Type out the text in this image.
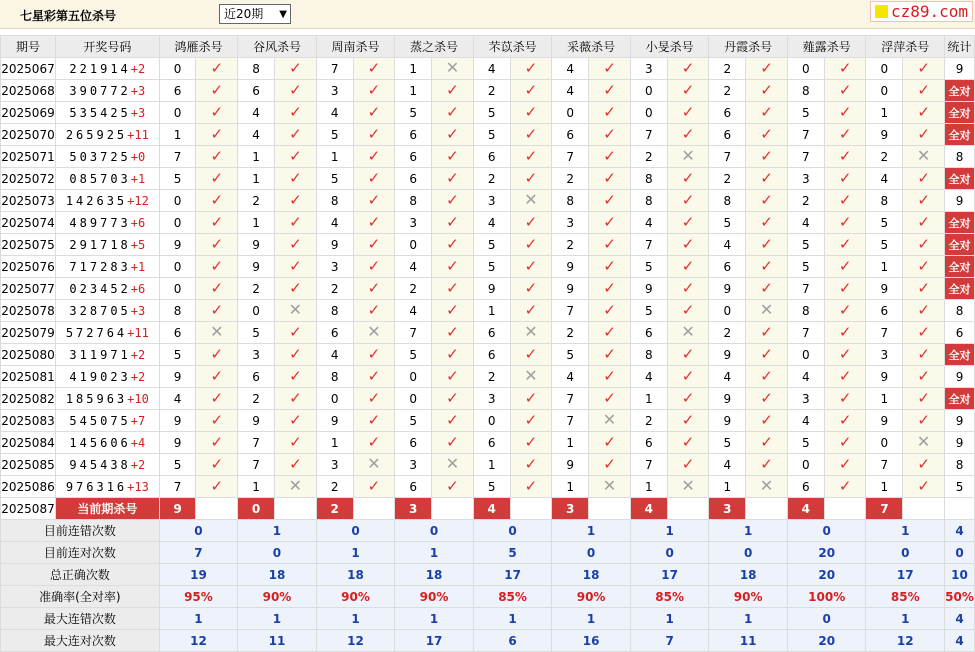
七星彩第五位杀号	近20期 ▼	cz89.com
期号	开奖号码	鸿雁杀号		谷风杀号		周南杀号		蒸之杀号		芣苡杀号		采薇杀号		小旻杀号		丹霞杀号		薤露杀号		浮萍杀号		统计
2025067	221914+2	0	✓	8	✓	7	✓	1	✕	4	✓	4	✓	3	✓	2	✓	0	✓	0	✓	9
2025068	390772+3	6	✓	6	✓	3	✓	1	✓	2	✓	4	✓	0	✓	2	✓	8	✓	0	✓	全对
2025069	535425+3	0	✓	4	✓	4	✓	5	✓	5	✓	0	✓	0	✓	6	✓	5	✓	1	✓	全对
2025070	265925+11	1	✓	4	✓	5	✓	6	✓	5	✓	6	✓	7	✓	6	✓	7	✓	9	✓	全对
2025071	503725+0	7	✓	1	✓	1	✓	6	✓	6	✓	7	✓	2	✕	7	✓	7	✓	2	✕	8
2025072	085703+1	5	✓	1	✓	5	✓	6	✓	2	✓	2	✓	8	✓	2	✓	3	✓	4	✓	全对
2025073	142635+12	0	✓	2	✓	8	✓	8	✓	3	✕	8	✓	8	✓	8	✓	2	✓	8	✓	9
2025074	489773+6	0	✓	1	✓	4	✓	3	✓	4	✓	3	✓	4	✓	5	✓	4	✓	5	✓	全对
2025075	291718+5	9	✓	9	✓	9	✓	0	✓	5	✓	2	✓	7	✓	4	✓	5	✓	5	✓	全对
2025076	717283+1	0	✓	9	✓	3	✓	4	✓	5	✓	9	✓	5	✓	6	✓	5	✓	1	✓	全对
2025077	023452+6	0	✓	2	✓	2	✓	2	✓	9	✓	9	✓	9	✓	9	✓	7	✓	9	✓	全对
2025078	328705+3	8	✓	0	✕	8	✓	4	✓	1	✓	7	✓	5	✓	0	✕	8	✓	6	✓	8
2025079	572764+11	6	✕	5	✓	6	✕	7	✓	6	✕	2	✓	6	✕	2	✓	7	✓	7	✓	6
2025080	311971+2	5	✓	3	✓	4	✓	5	✓	6	✓	5	✓	8	✓	9	✓	0	✓	3	✓	全对
2025081	419023+2	9	✓	6	✓	8	✓	0	✓	2	✕	4	✓	4	✓	4	✓	4	✓	9	✓	9
2025082	185963+10	4	✓	2	✓	0	✓	0	✓	3	✓	7	✓	1	✓	9	✓	3	✓	1	✓	全对
2025083	545075+7	9	✓	9	✓	9	✓	5	✓	0	✓	7	✕	2	✓	9	✓	4	✓	9	✓	9
2025084	145606+4	9	✓	7	✓	1	✓	6	✓	6	✓	1	✓	6	✓	5	✓	5	✓	0	✕	9
2025085	945438+2	5	✓	7	✓	3	✕	3	✕	1	✓	9	✓	7	✓	4	✓	0	✓	7	✓	8
2025086	976316+13	7	✓	1	✕	2	✓	6	✓	5	✓	1	✕	1	✕	1	✕	6	✓	1	✓	5
2025087	当前期杀号	9		0		2		3		4		3		4		3		4		7		
目前连错次数		0		1		0		0		0		1		1		1		0		1		4
目前连对次数		7		0		1		1		5		0		0		0		20		0		0
总正确次数		19		18		18		18		17		18		17		18		20		17		10
准确率(全对率)		95%		90%		90%		90%		85%		90%		85%		90%		100%		85%		50%
最大连错次数		1		1		1		1		1		1		1		1		0		1		4
最大连对次数		12		11		12		17		6		16		7		11		20		12		4
